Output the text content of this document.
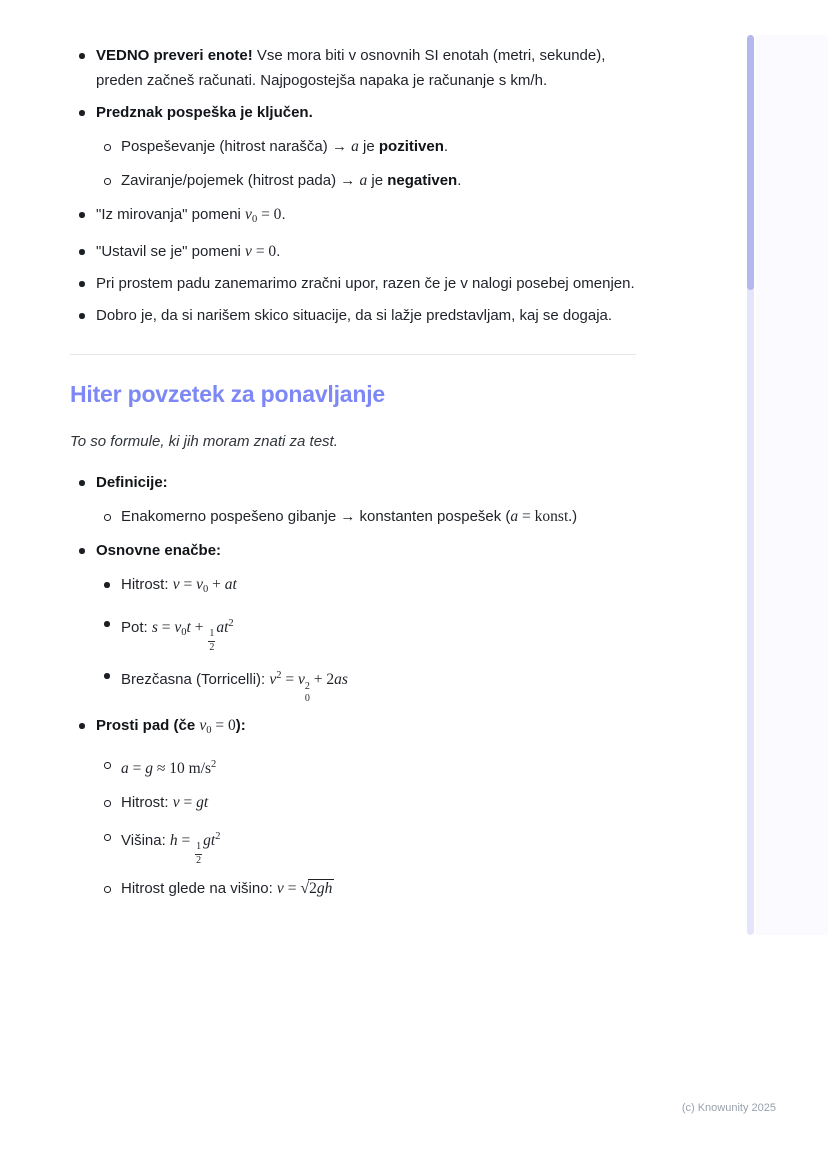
VEDNO preveri enote! Vse mora biti v osnovnih SI enotah (metri, sekunde), preden začneš računati. Najpogostejša napaka je računanje s km/h.
Predznak pospeška je ključen.
Pospeševanje (hitrost narašča) → a je pozitiven.
Zaviranje/pojemek (hitrost pada) → a je negativen.
"Iz mirovanja" pomeni v0 = 0.
"Ustavil se je" pomeni v = 0.
Pri prostem padu zanemarimo zračni upor, razen če je v nalogi posebej omenjen.
Dobro je, da si narišem skico situacije, da si lažje predstavljam, kaj se dogaja.
Hiter povzetek za ponavljanje

To so formule, ki jih moram znati za test.

Definicije:
Enakomerno pospešeno gibanje → konstanten pospešek (a = konst.)
Osnovne enačbe:
Hitrost: v = v0 + at
Pot: s = v0t +
$\frac{1}{2}$
$at^2$
Brezčasna (Torricelli): $v^2 = v$ 2
0
+ 2as
Prosti pad (če v0 = 0):
a = g ≈ 10 $m/s^2$
Hitrost: v = gt
Višina: h =
$\frac{1}{2}$
$gt^2$
Hitrost glede na višino: v = √2gh
(c) Knowunity 2025
